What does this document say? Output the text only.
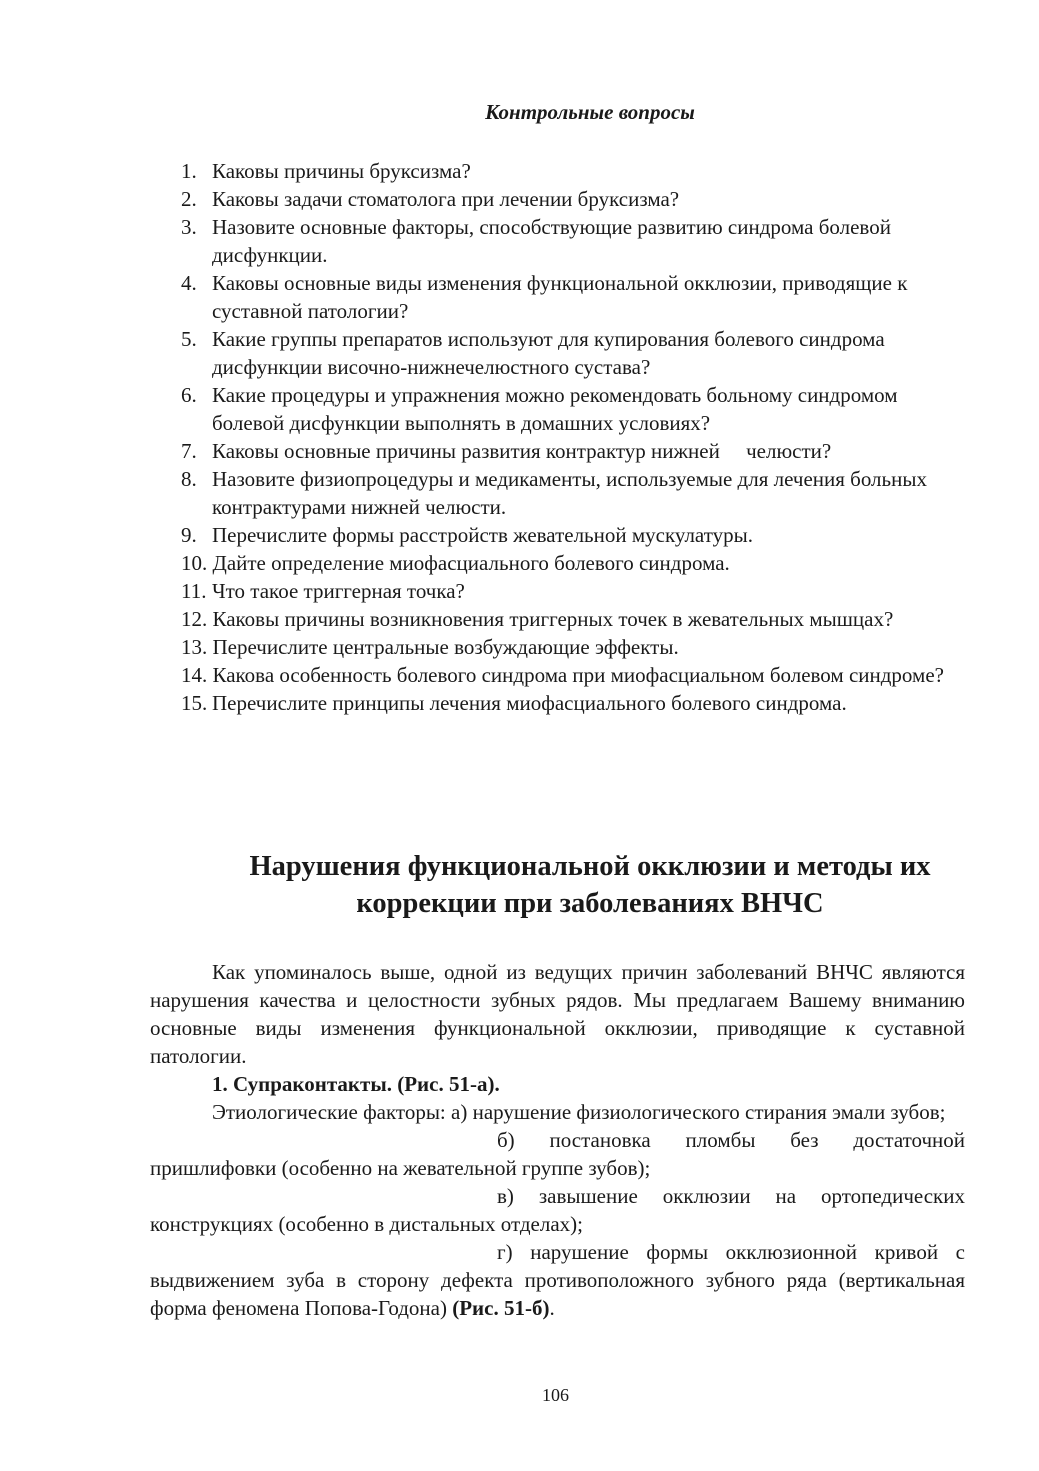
Контрольные вопросы
1. Каковы причины бруксизма?
2. Каковы задачи стоматолога при лечении бруксизма?
3. Назовите основные факторы, способствующие развитию синдрома болевой дисфункции.
4. Каковы основные виды изменения функциональной окклюзии, приводящие к суставной патологии?
5. Какие группы препаратов используют для купирования болевого синдрома дисфункции височно-нижнечелюстного сустава?
6. Какие процедуры и упражнения можно рекомендовать больному синдромом болевой дисфункции выполнять в домашних условиях?
7. Каковы основные причины развития контрактур нижней     челюсти?
8. Назовите физиопроцедуры и медикаменты, используемые для лечения больных контрактурами нижней челюсти.
9. Перечислите формы расстройств жевательной мускулатуры.
10. Дайте определение миофасциального болевого синдрома.
11. Что такое триггерная точка?
12. Каковы причины возникновения триггерных точек в жевательных мышцах?
13. Перечислите центральные возбуждающие эффекты.
14. Какова особенность болевого синдрома при миофасциальном болевом синдроме?
15. Перечислите принципы лечения миофасциального болевого синдрома.
Нарушения функциональной окклюзии и методы их
коррекции при заболеваниях ВНЧС

Как упоминалось выше, одной из ведущих причин заболеваний ВНЧС являются нарушения качества и целостности зубных рядов. Мы предлагаем Вашему вниманию основные виды изменения функциональной окклюзии, приводящие к суставной патологии.

1. Супраконтакты. (Рис. 51-а).

Этиологические факторы: а) нарушение физиологического стирания эмали зубов;

б) постановка пломбы без достаточной пришлифовки (особенно на жевательной группе зубов);

в) завышение окклюзии на ортопедических конструкциях (особенно в дистальных отделах);

г) нарушение формы окклюзионной кривой с выдвижением зуба в сторону дефекта противоположного зубного ряда (вертикальная форма феномена Попова-Годона) (Рис. 51-б).

106
